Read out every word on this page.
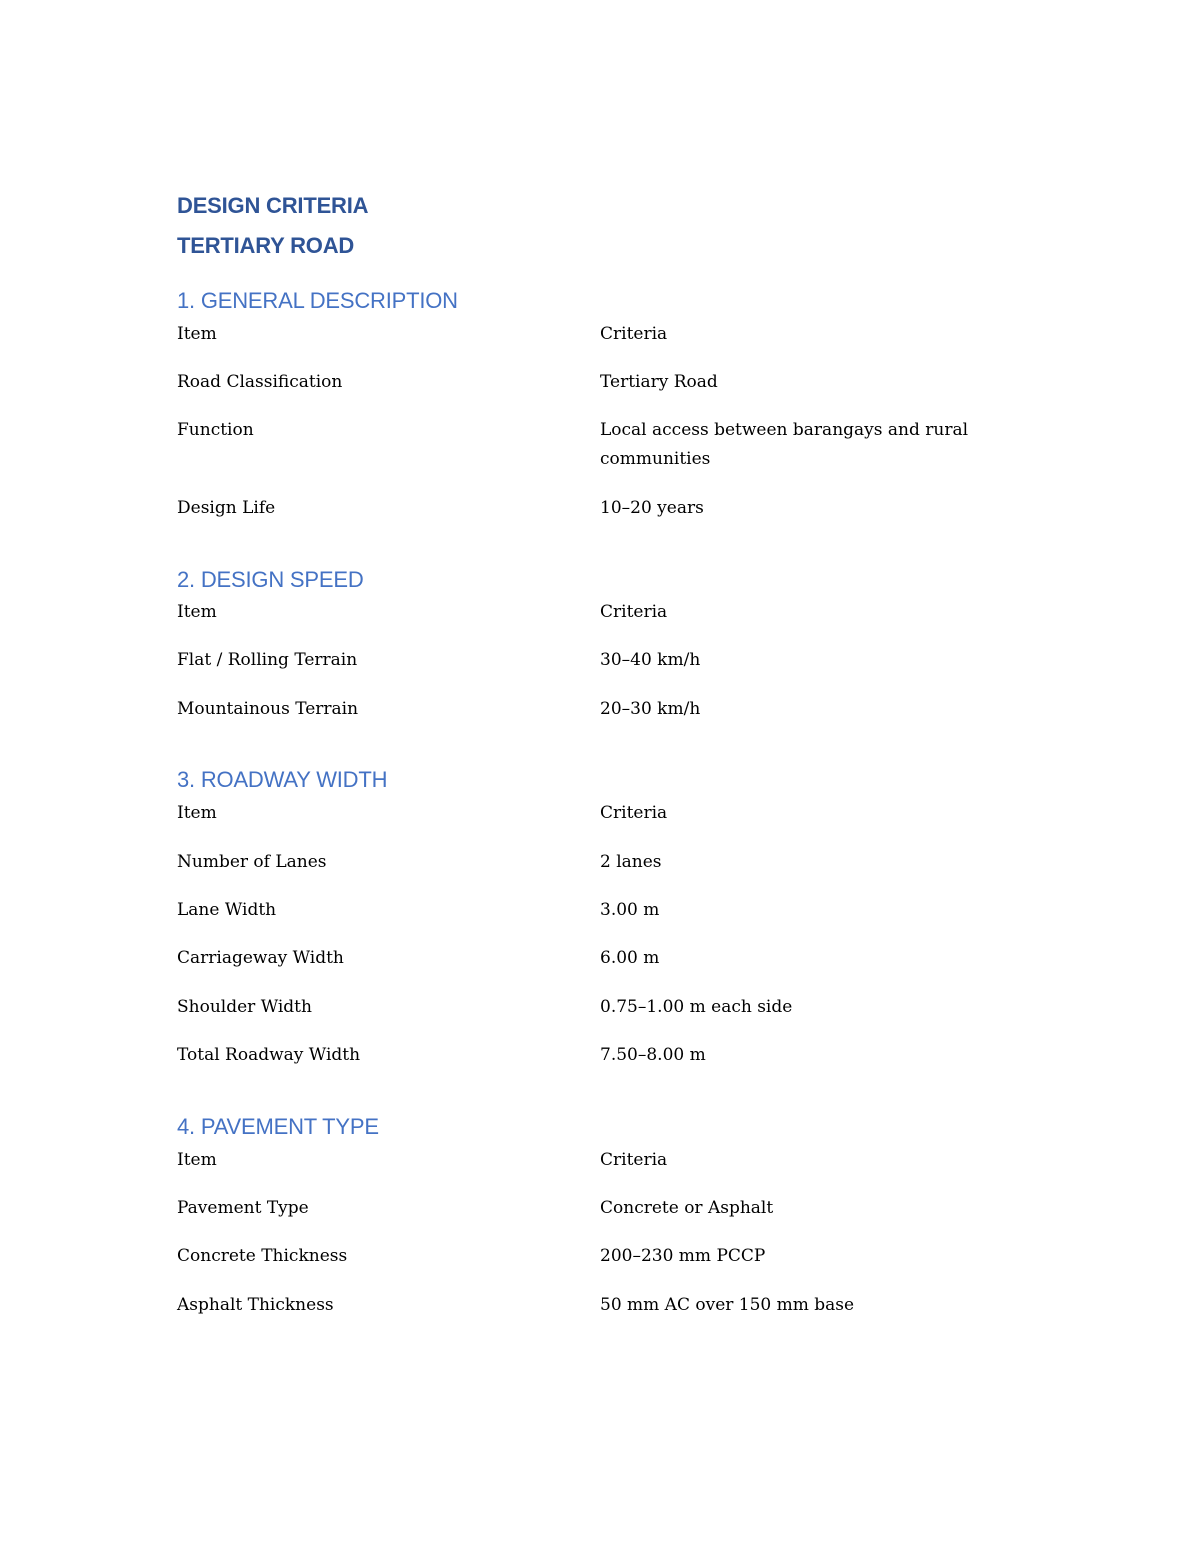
DESIGN CRITERIA
TERTIARY ROAD
1. GENERAL DESCRIPTION
Item	Criteria
Road Classification	Tertiary Road
Function	Local access between barangays and rural communities
Design Life	10–20 years
2. DESIGN SPEED
Item	Criteria
Flat / Rolling Terrain	30–40 km/h
Mountainous Terrain	20–30 km/h
3. ROADWAY WIDTH
Item	Criteria
Number of Lanes	2 lanes
Lane Width	3.00 m
Carriageway Width	6.00 m
Shoulder Width	0.75–1.00 m each side
Total Roadway Width	7.50–8.00 m
4. PAVEMENT TYPE
Item	Criteria
Pavement Type	Concrete or Asphalt
Concrete Thickness	200–230 mm PCCP
Asphalt Thickness	50 mm AC over 150 mm base
